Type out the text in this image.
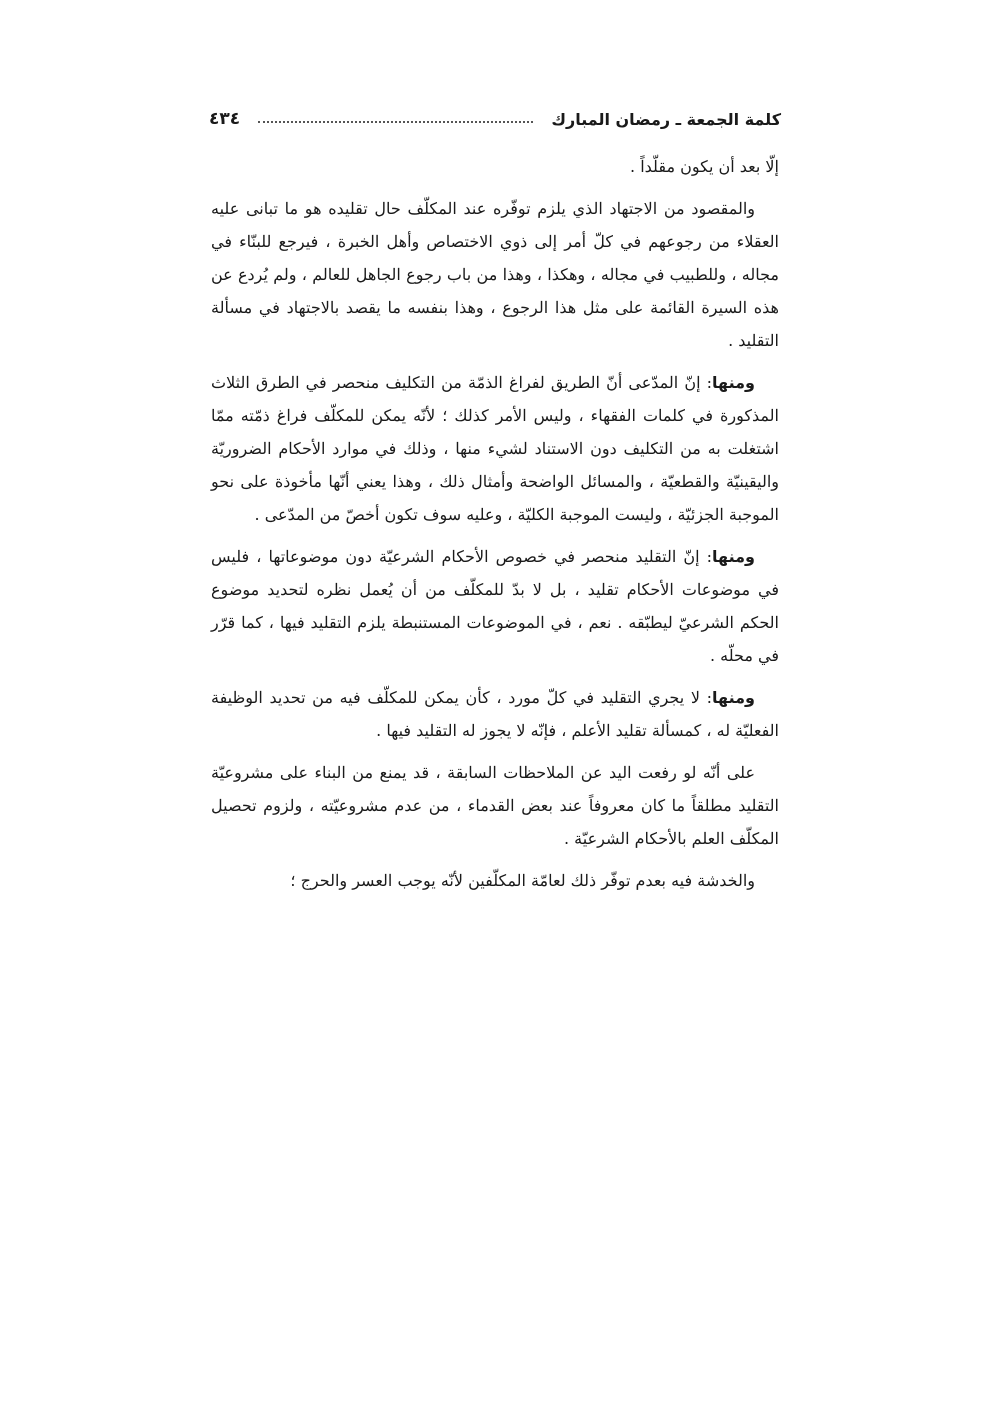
كلمة الجمعة ـ رمضان المبارك
٤٣٤

إلّا بعد أن يكون مقلّداً .

والمقصود من الاجتهاد الذي يلزم توفّره عند المكلّف حال تقليده هو ما تبانى عليه العقلاء من رجوعهم في كلّ أمر إلى ذوي الاختصاص وأهل الخبرة ، فيرجع للبنّاء في مجاله ، وللطبيب في مجاله ، وهكذا ، وهذا من باب رجوع الجاهل للعالم ، ولم يُردع عن هذه السيرة القائمة على مثل هذا الرجوع ، وهذا بنفسه ما يقصد بالاجتهاد في مسألة التقليد .

ومنها: إنّ المدّعى أنّ الطريق لفراغ الذمّة من التكليف منحصر في الطرق الثلاث المذكورة في كلمات الفقهاء ، وليس الأمر كذلك ؛ لأنّه يمكن للمكلّف فراغ ذمّته ممّا اشتغلت به من التكليف دون الاستناد لشيء منها ، وذلك في موارد الأحكام الضروريّة واليقينيّة والقطعيّة ، والمسائل الواضحة وأمثال ذلك ، وهذا يعني أنّها مأخوذة على نحو الموجبة الجزئيّة ، وليست الموجبة الكليّة ، وعليه سوف تكون أخصّ من المدّعى .

ومنها: إنّ التقليد منحصر في خصوص الأحكام الشرعيّة دون موضوعاتها ، فليس في موضوعات الأحكام تقليد ، بل لا بدّ للمكلّف من أن يُعمل نظره لتحديد موضوع الحكم الشرعيّ ليطبّقه . نعم ، في الموضوعات المستنبطة يلزم التقليد فيها ، كما قرّر في محلّه .

ومنها: لا يجري التقليد في كلّ مورد ، كأن يمكن للمكلّف فيه من تحديد الوظيفة الفعليّة له ، كمسألة تقليد الأعلم ، فإنّه لا يجوز له التقليد فيها .

على أنّه لو رفعت اليد عن الملاحظات السابقة ، قد يمنع من البناء على مشروعيّة التقليد مطلقاً ما كان معروفاً عند بعض القدماء ، من عدم مشروعيّته ، ولزوم تحصيل المكلّف العلم بالأحكام الشرعيّة .

والخدشة فيه بعدم توفّر ذلك لعامّة المكلّفين لأنّه يوجب العسر والحرج ؛
